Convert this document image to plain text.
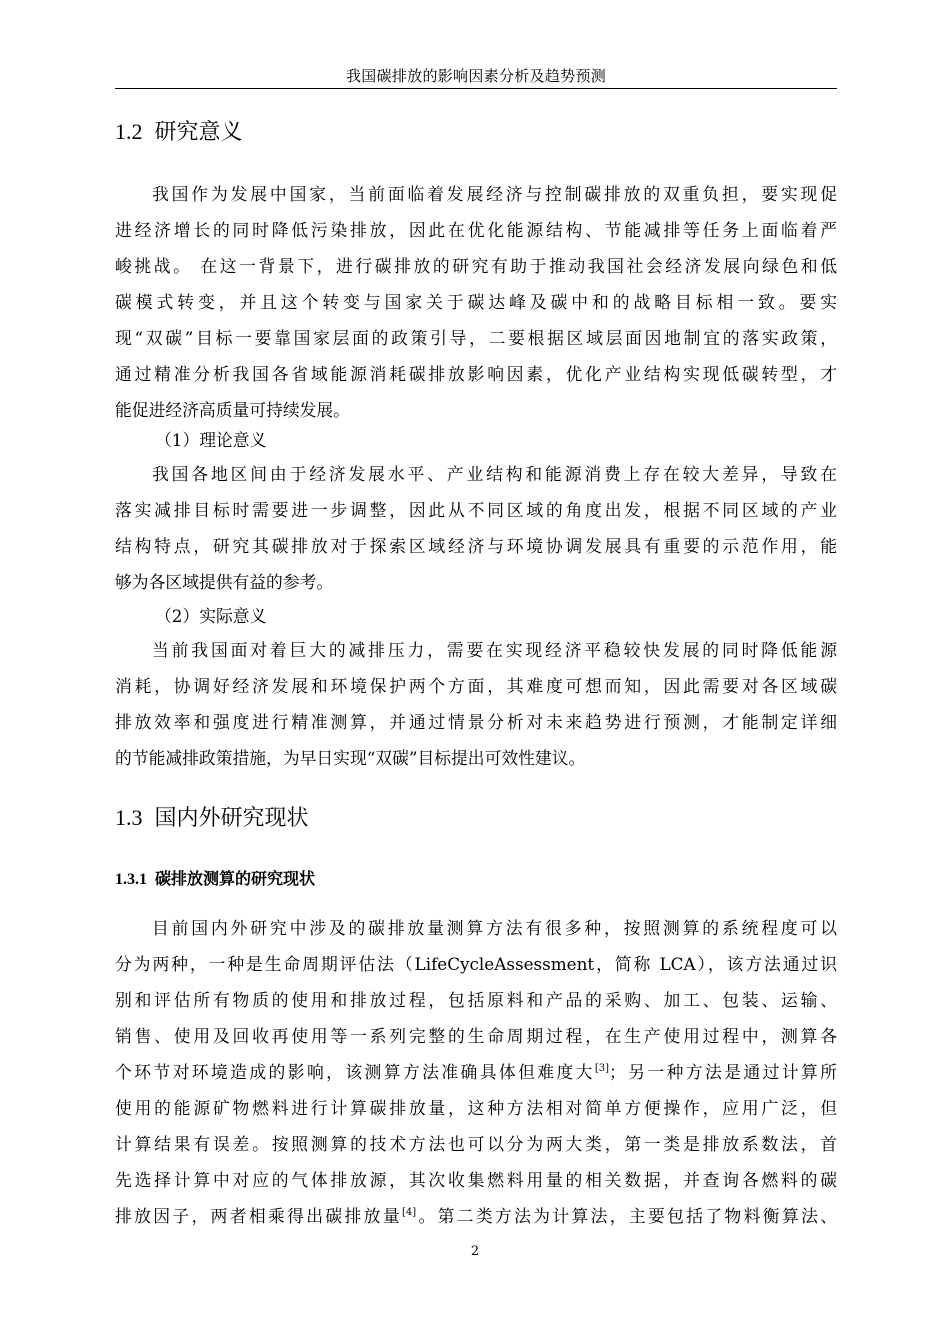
我国碳排放的影响因素分析及趋势预测
1.2 研究意义
我国作为发展中国家，当前面临着发展经济与控制碳排放的双重负担，要实现促
进经济增长的同时降低污染排放，因此在优化能源结构、节能减排等任务上面临着严
峻挑战。 在这一背景下，进行碳排放的研究有助于推动我国社会经济发展向绿色和低
碳模式转变，并且这个转变与国家关于碳达峰及碳中和的战略目标相一致。要实
现“双碳”目标一要靠国家层面的政策引导，二要根据区域层面因地制宜的落实政策，
通过精准分析我国各省域能源消耗碳排放影响因素，优化产业结构实现低碳转型，才
能促进经济高质量可持续发展。
（1）理论意义
我国各地区间由于经济发展水平、产业结构和能源消费上存在较大差异，导致在
落实减排目标时需要进一步调整，因此从不同区域的角度出发，根据不同区域的产业
结构特点，研究其碳排放对于探索区域经济与环境协调发展具有重要的示范作用，能
够为各区域提供有益的参考。
（2）实际意义
当前我国面对着巨大的减排压力，需要在实现经济平稳较快发展的同时降低能源
消耗，协调好经济发展和环境保护两个方面，其难度可想而知，因此需要对各区域碳
排放效率和强度进行精准测算，并通过情景分析对未来趋势进行预测，才能制定详细
的节能减排政策措施，为早日实现“双碳”目标提出可效性建议。
1.3 国内外研究现状
1.3.1 碳排放测算的研究现状
目前国内外研究中涉及的碳排放量测算方法有很多种，按照测算的系统程度可以
分为两种，一种是生命周期评估法（LifeCycleAssessment，简称 LCA），该方法通过识
别和评估所有物质的使用和排放过程，包括原料和产品的采购、加工、包装、运输、
销售、使用及回收再使用等一系列完整的生命周期过程，在生产使用过程中，测算各
个环节对环境造成的影响，该测算方法准确具体但难度大[3]；另一种方法是通过计算所
使用的能源矿物燃料进行计算碳排放量，这种方法相对简单方便操作，应用广泛，但
计算结果有误差。按照测算的技术方法也可以分为两大类，第一类是排放系数法，首
先选择计算中对应的气体排放源，其次收集燃料用量的相关数据，并查询各燃料的碳
排放因子，两者相乘得出碳排放量[4]。第二类方法为计算法，主要包括了物料衡算法、
2
